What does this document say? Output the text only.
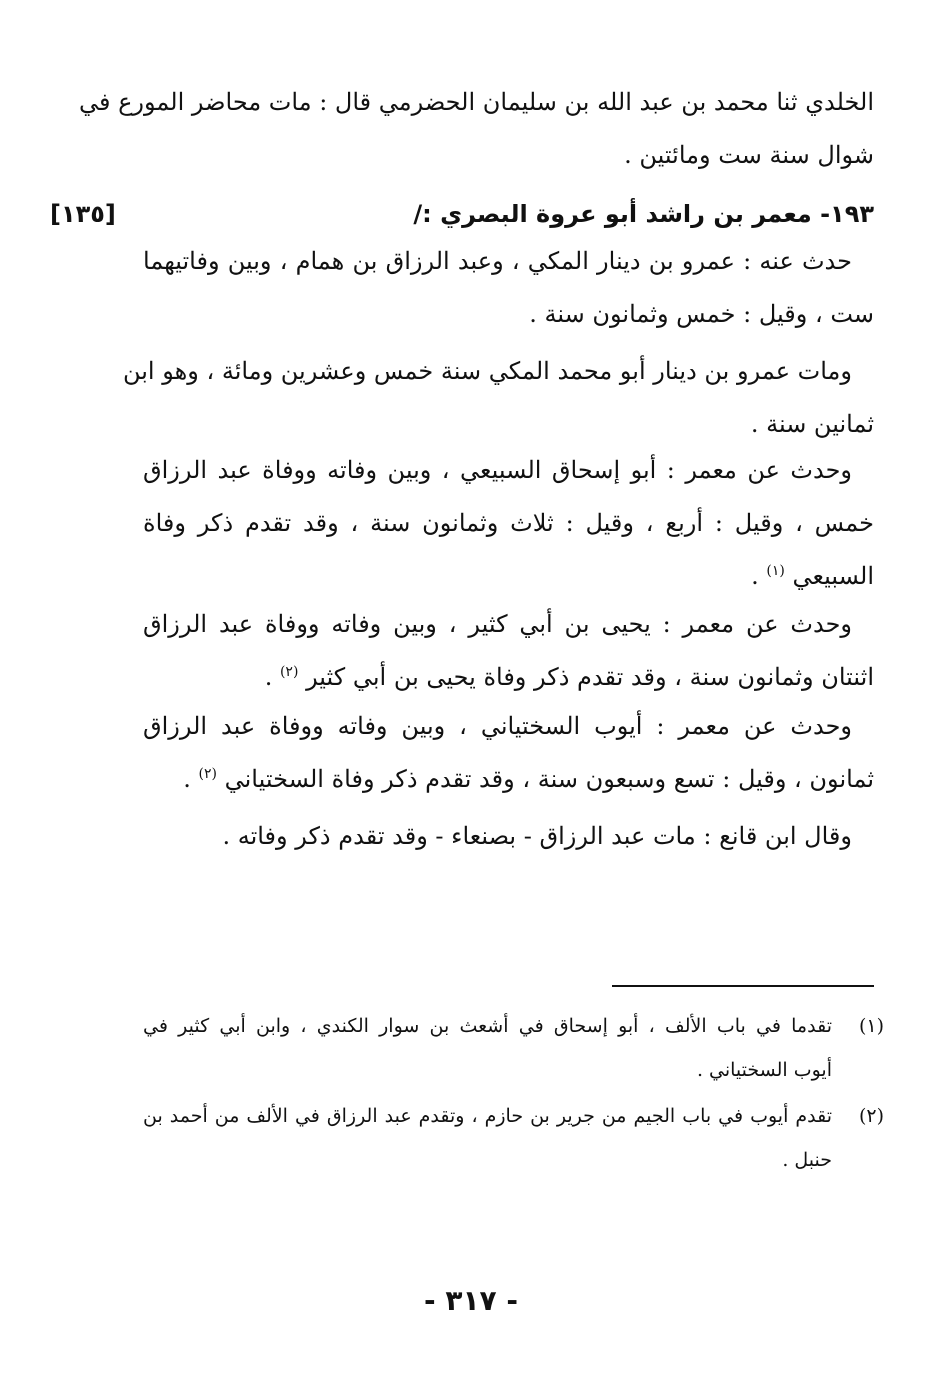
الخلدي ثنا محمد بن عبد الله بن سليمان الحضرمي قال : مات محاضر المورع في
شوال سنة ست ومائتين .
١٩٣- معمر بن راشد أبو عروة البصري :/
[١٣٥]
حدث عنه : عمرو بن دينار المكي ، وعبد الرزاق بن همام ، وبين وفاتيهما
ست ، وقيل : خمس وثمانون سنة .
ومات عمرو بن دينار أبو محمد المكي سنة خمس وعشرين ومائة ، وهو ابن
ثمانين سنة .
وحدث عن معمر : أبو إسحاق السبيعي ، وبين وفاته ووفاة عبد الرزاق
خمس ، وقيل : أربع ، وقيل : ثلاث وثمانون سنة ، وقد تقدم ذكر وفاة
السبيعي $^{(١)}$ .
وحدث عن معمر : يحيى بن أبي كثير ، وبين وفاته ووفاة عبد الرزاق
اثنتان وثمانون سنة ، وقد تقدم ذكر وفاة يحيى بن أبي كثير $^{(٢)}$ .
وحدث عن معمر : أيوب السختياني ، وبين وفاته ووفاة عبد الرزاق
ثمانون ، وقيل : تسع وسبعون سنة ، وقد تقدم ذكر وفاة السختياني $^{(٢)}$ .
وقال ابن قانع : مات عبد الرزاق - بصنعاء - وقد تقدم ذكر وفاته .
(١)
تقدما في باب الألف ، أبو إسحاق في أشعث بن سوار الكندي ، وابن أبي كثير في
أيوب السختياني .
(٢)
تقدم أيوب في باب الجيم من جرير بن حازم ، وتقدم عبد الرزاق في الألف من أحمد بن
حنبل .
- ٣١٧ -
